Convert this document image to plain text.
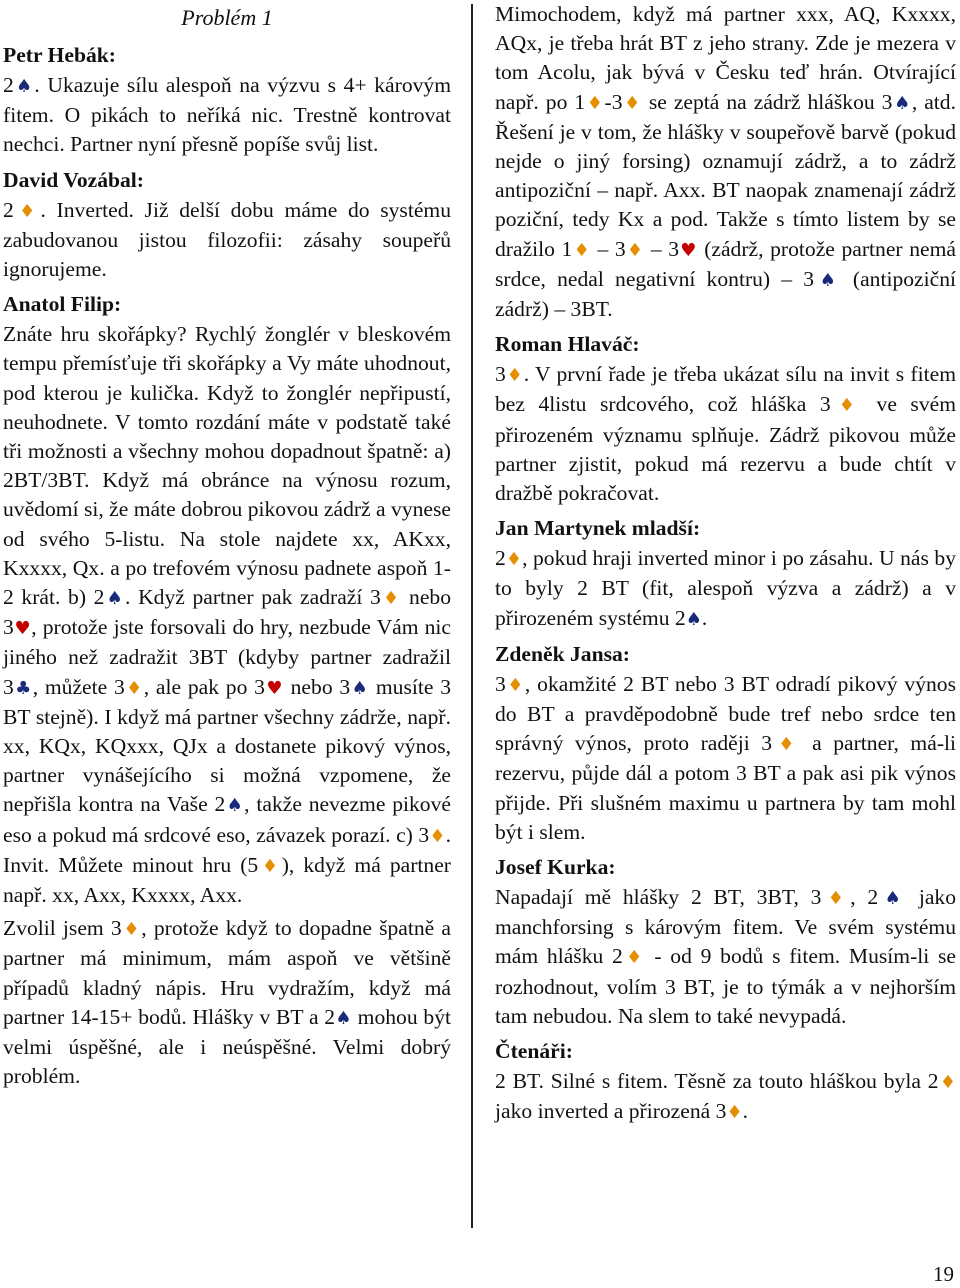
Problém 1
Petr Hebák:

2♠. Ukazuje sílu alespoň na výzvu s 4+ károvým fitem. O pikách to neříká nic. Trestně kontrovat nechci. Partner nyní přesně popíše svůj list.

David Vozábal:

2♦. Inverted. Již delší dobu máme do systému zabudovanou jistou filozofii: zásahy soupeřů ignorujeme.

Anatol Filip:

Znáte hru skořápky? Rychlý žonglér v bleskovém tempu přemísťuje tři skořápky a Vy máte uhodnout, pod kterou je kulička. Když to žonglér nepřipustí, neuhodnete. V tomto rozdání máte v podstatě také tři možnosti a všechny mohou dopadnout špatně: a) 2BT/3BT. Když má obránce na výnosu rozum, uvědomí si, že máte dobrou pikovou zádrž a vynese od svého 5-listu. Na stole najdete xx, AKxx, Kxxxx, Qx. a po trefovém výnosu padnete aspoň 1-2 krát. b) 2♠. Když partner pak zadraží 3♦ nebo 3♥, protože jste forsovali do hry, nezbude Vám nic jiného než zadražit 3BT (kdyby partner zadražil 3♣, můžete 3♦, ale pak po 3♥ nebo 3♠ musíte 3 BT stejně). I když má partner všechny zádrže, např. xx, KQx, KQxxx, QJx a dostanete pikový výnos, partner vynášejícího si možná vzpomene, že nepřišla kontra na Vaše 2♠, takže nevezme pikové eso a pokud má srdcové eso, závazek porazí. c) 3♦. Invit. Můžete minout hru (5♦), když má partner např. xx, Axx, Kxxxx, Axx.

Zvolil jsem 3♦, protože když to dopadne špatně a partner má minimum, mám aspoň ve většině případů kladný nápis. Hru vydražím, když má partner 14-15+ bodů. Hlášky v BT a 2♠ mohou být velmi úspěšné, ale i neúspěšné. Velmi dobrý problém.

Mimochodem, když má partner xxx, AQ, Kxxxx, AQx, je třeba hrát BT z jeho strany. Zde je mezera v tom Acolu, jak bývá v Česku teď hrán. Otvírající např. po 1♦-3♦ se zeptá na zádrž hláškou 3♠, atd. Řešení je v tom, že hlášky v soupeřově barvě (pokud nejde o jiný forsing) oznamují zádrž, a to zádrž antipoziční – např. Axx. BT naopak znamenají zádrž poziční, tedy Kx a pod. Takže s tímto listem by se dražilo 1♦ – 3♦ – 3♥ (zádrž, protože partner nemá srdce, nedal negativní kontru) – 3♠ (antipoziční zádrž) – 3BT.

Roman Hlaváč:

3♦. V první řade je třeba ukázat sílu na invit s fitem bez 4listu srdcového, což hláška 3♦ ve svém přirozeném významu splňuje. Zádrž pikovou může partner zjistit, pokud má rezervu a bude chtít v dražbě pokračovat.

Jan Martynek mladší:

2♦, pokud hraji inverted minor i po zásahu. U nás by to byly 2 BT (fit, alespoň výzva a zádrž) a v přirozeném systému 2♠.

Zdeněk Jansa:

3♦, okamžité 2 BT nebo 3 BT odradí pikový výnos do BT a pravděpodobně bude tref nebo srdce ten správný výnos, proto raději 3♦ a partner, má-li rezervu, půjde dál a potom 3 BT a pak asi pik výnos přijde. Při slušném maximu u partnera by tam mohl být i slem.

Josef Kurka:

Napadají mě hlášky 2 BT, 3BT, 3♦, 2♠ jako manchforsing s károvým fitem. Ve svém systému mám hlášku 2♦ - od 9 bodů s fitem. Musím-li se rozhodnout, volím 3 BT, je to týmák a v nejhorším tam nebudou. Na slem to také nevypadá.

Čtenáři:

2 BT. Silné s fitem. Těsně za touto hláškou byla 2♦ jako inverted a přirozená 3♦.

19
